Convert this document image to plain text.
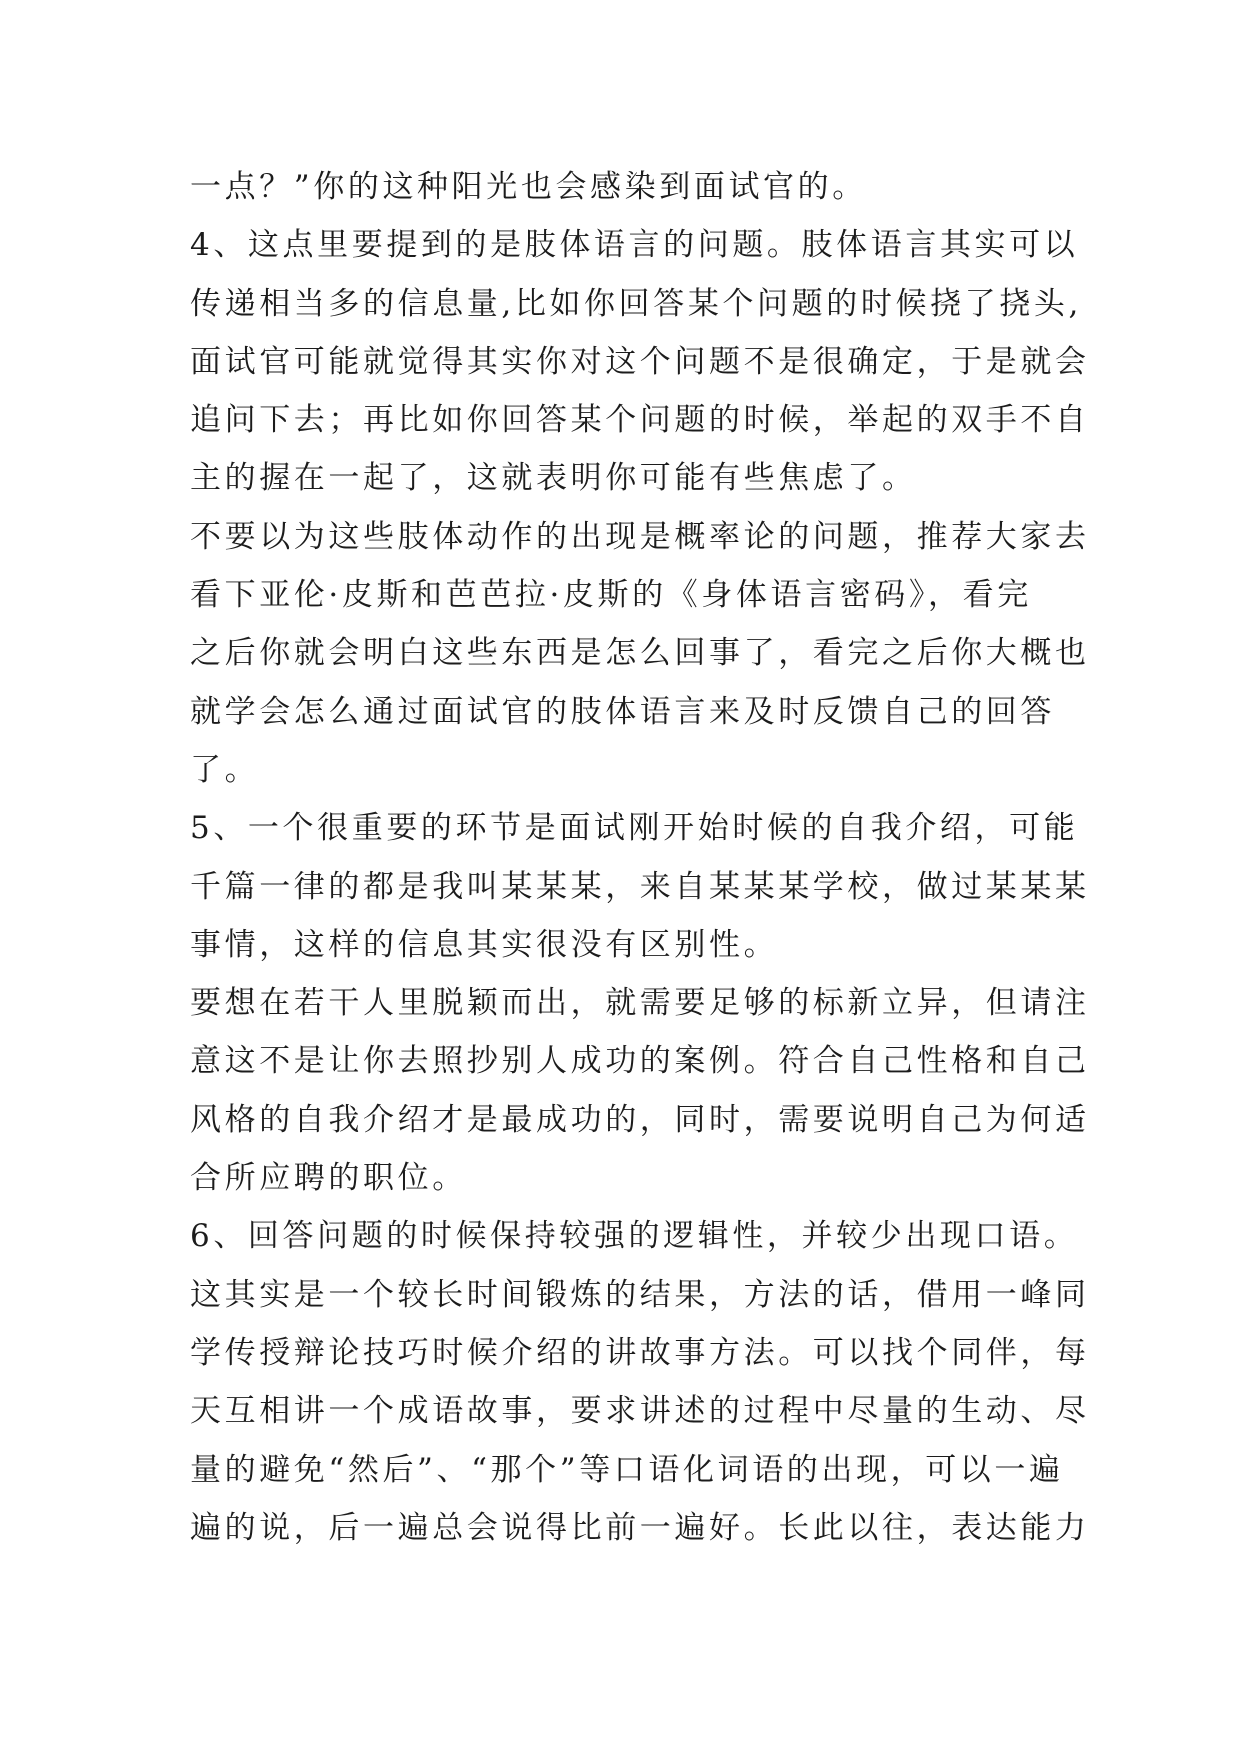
一点？”你的这种阳光也会感染到面试官的。
4、这点里要提到的是肢体语言的问题。肢体语言其实可以
传递相当多的信息量,比如你回答某个问题的时候挠了挠头,
面试官可能就觉得其实你对这个问题不是很确定，于是就会
追问下去；再比如你回答某个问题的时候，举起的双手不自
主的握在一起了，这就表明你可能有些焦虑了。
不要以为这些肢体动作的出现是概率论的问题，推荐大家去
看下亚伦·皮斯和芭芭拉·皮斯的《身体语言密码》，看完
之后你就会明白这些东西是怎么回事了，看完之后你大概也
就学会怎么通过面试官的肢体语言来及时反馈自己的回答
了。
5、一个很重要的环节是面试刚开始时候的自我介绍，可能
千篇一律的都是我叫某某某，来自某某某学校，做过某某某
事情，这样的信息其实很没有区别性。
要想在若干人里脱颖而出，就需要足够的标新立异，但请注
意这不是让你去照抄别人成功的案例。符合自己性格和自己
风格的自我介绍才是最成功的，同时，需要说明自己为何适
合所应聘的职位。
6、回答问题的时候保持较强的逻辑性，并较少出现口语。
这其实是一个较长时间锻炼的结果，方法的话，借用一峰同
学传授辩论技巧时候介绍的讲故事方法。可以找个同伴，每
天互相讲一个成语故事，要求讲述的过程中尽量的生动、尽
量的避免“然后”、“那个”等口语化词语的出现，可以一遍
遍的说，后一遍总会说得比前一遍好。长此以往，表达能力
